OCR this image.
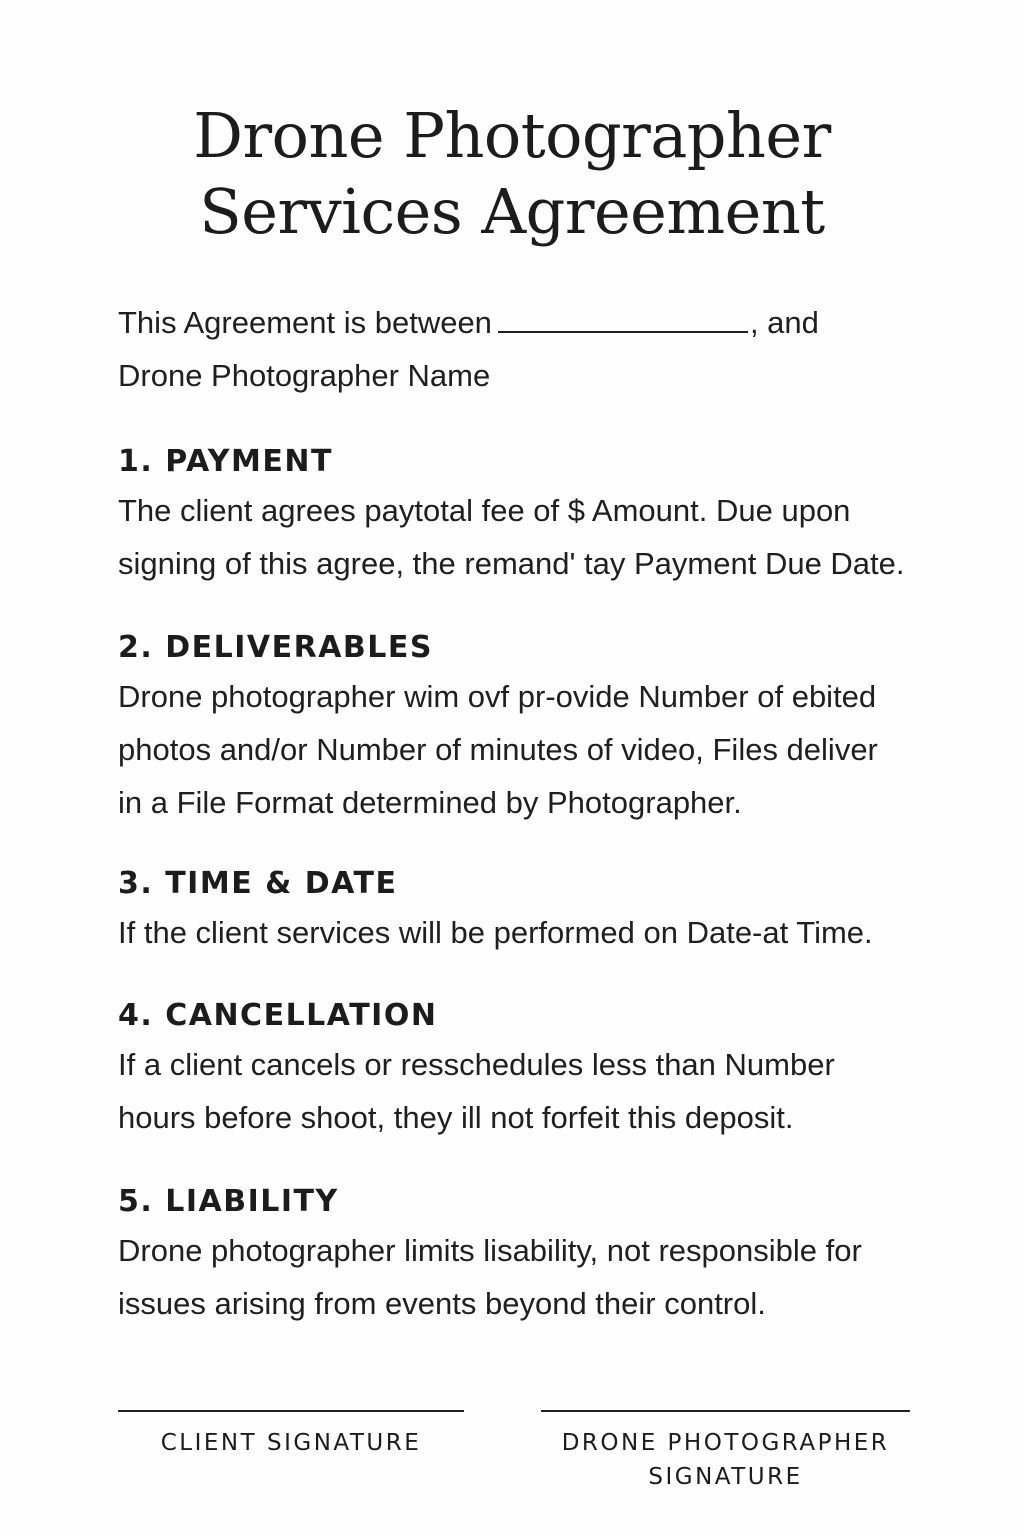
Drone Photographer
Services Agreement
This Agreement is between	, and
Drone Photographer Name
1. PAYMENT

The client agrees paytotal fee of $ Amount. Due upon

signing of this agree, the remand' tay Payment Due Date.

2. DELIVERABLES

Drone photographer wim ovf pr-ovide Number of ebited

photos and/or Number of minutes of video, Files deliver

in a File Format determined by Photographer.

3. TIME & DATE

If the client services will be performed on Date-at Time.

4. CANCELLATION

If a client cancels or resschedules less than Number

hours before shoot, they ill not forfeit this deposit.

5. LIABILITY

Drone photographer limits lisability, not responsible for

issues arising from events beyond their control.

CLIENT SIGNATURE	DRONE PHOTOGRAPHER
SIGNATURE
